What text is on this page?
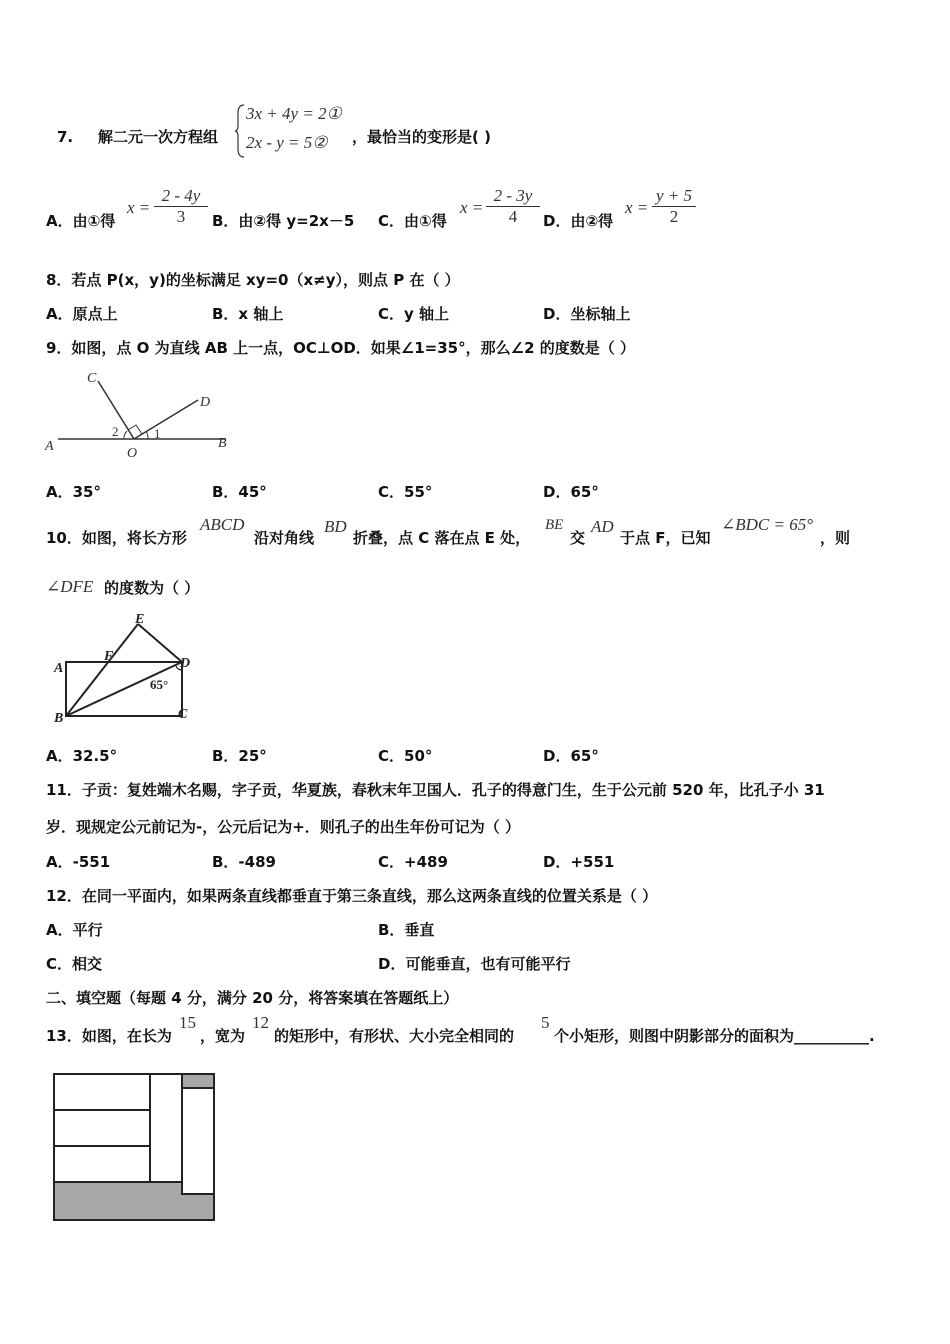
7. 解二元一次方程组
3x + 4y = 2①
2x - y = 5② ，最恰当的变形是( )
A．由①得
$x = \frac{2 - 4y}{3}$ B．由②得 y=2x－5 C．由①得
$x = \frac{2 - 3y}{4}$ D．由②得
$x = \frac{y + 5}{2}$
8．若点 P(x，y)的坐标满足 xy=0（x≠y），则点 P 在（ ）
A．原点上	B．x 轴上	C．y 轴上	D．坐标轴上
9．如图，点 O 为直线 AB 上一点，OC⊥OD．如果∠1=35°，那么∠2 的度数是（ ）
A	B
C
D
O
1
2
A．35°	B．45°	C．55°	D．65°
10．如图，将长方形
ABCD
沿对角线
BD
折叠，点 C 落在点 E 处，
BE
交
AD
于点 F，已知
∠BDC = 65°
，则
∠DFE 的度数为（ ）
A
B	C
D
E
F
65°
A．32.5°	B．25°	C．50°	D．65°
11．子贡：复姓端木名赐，字子贡，华夏族，春秋末年卫国人．孔子的得意门生，生于公元前 520 年，比孔子小 31
岁．现规定公元前记为-，公元后记为+．则孔子的出生年份可记为（ ）
A．-551	B．-489	C．+489	D．+551
12．在同一平面内，如果两条直线都垂直于第三条直线，那么这两条直线的位置关系是（ ）
A．平行	B．垂直
C．相交	D．可能垂直，也有可能平行
二、填空题（每题 4 分，满分 20 分，将答案填在答题纸上）
13．如图，在长为
15
，宽为
12
的矩形中，有形状、大小完全相同的
5
个小矩形，则图中阴影部分的面积为__________.
